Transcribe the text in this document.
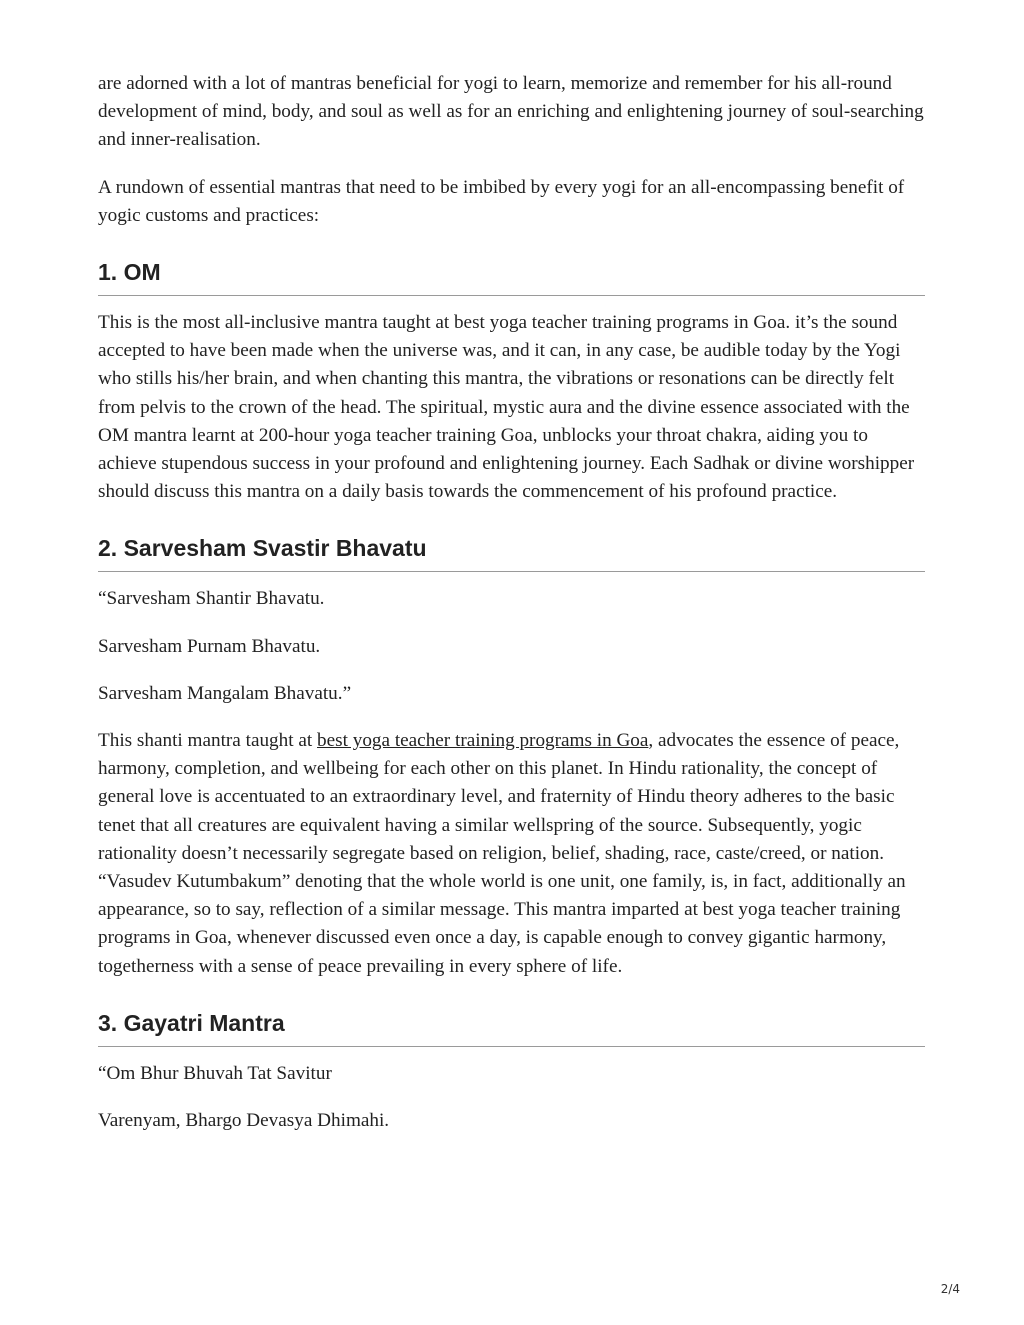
are adorned with a lot of mantras beneficial for yogi to learn, memorize and remember for his all-round development of mind, body, and soul as well as for an enriching and enlightening journey of soul-searching and inner-realisation.

A rundown of essential mantras that need to be imbibed by every yogi for an all-encompassing benefit of yogic customs and practices:

1. OM

This is the most all-inclusive mantra taught at best yoga teacher training programs in Goa. it’s the sound accepted to have been made when the universe was, and it can, in any case, be audible today by the Yogi who stills his/her brain, and when chanting this mantra, the vibrations or resonations can be directly felt from pelvis to the crown of the head. The spiritual, mystic aura and the divine essence associated with the OM mantra learnt at 200-hour yoga teacher training Goa, unblocks your throat chakra, aiding you to achieve stupendous success in your profound and enlightening journey. Each Sadhak or divine worshipper should discuss this mantra on a daily basis towards the commencement of his profound practice.

2. Sarvesham Svastir Bhavatu

“Sarvesham Shantir Bhavatu.

Sarvesham Purnam Bhavatu.

Sarvesham Mangalam Bhavatu.”

This shanti mantra taught at best yoga teacher training programs in Goa, advocates the essence of peace, harmony, completion, and wellbeing for each other on this planet. In Hindu rationality, the concept of general love is accentuated to an extraordinary level, and fraternity of Hindu theory adheres to the basic tenet that all creatures are equivalent having a similar wellspring of the source. Subsequently, yogic rationality doesn’t necessarily segregate based on religion, belief, shading, race, caste/creed, or nation. “Vasudev Kutumbakum” denoting that the whole world is one unit, one family, is, in fact, additionally an appearance, so to say, reflection of a similar message. This mantra imparted at best yoga teacher training programs in Goa, whenever discussed even once a day, is capable enough to convey gigantic harmony, togetherness with a sense of peace prevailing in every sphere of life.

3. Gayatri Mantra

“Om Bhur Bhuvah Tat Savitur

Varenyam, Bhargo Devasya Dhimahi.

2/4
